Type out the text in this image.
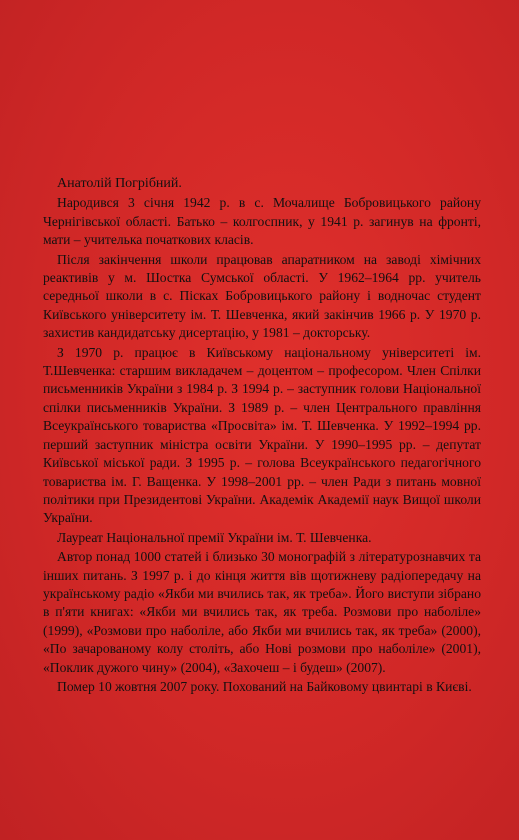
Анатолій Погрібний.

Народився 3 січня 1942 р. в с. Мочалище Бобровицького району Чернігівської області. Батько – колгоспник, у 1941 р. загинув на фронті, мати – учителька початкових класів.

Після закінчення школи працював апаратником на заводі хімічних реактивів у м. Шостка Сумської області. У 1962–1964 рр. учитель середньої школи в с. Пісках Бобровицького району і водночас студент Київського університету ім. Т. Шевченка, який закінчив 1966 р. У 1970 р. захистив кандидатську дисертацію, у 1981 – докторську.

З 1970 р. працює в Київському національному університеті ім. Т.Шевченка: старшим викладачем – доцентом – професором. Член Спілки письменників України з 1984 р. З 1994 р. – заступник голови Національної спілки письменників України. З 1989 р. – член Центрального правління Всеукраїнського товариства «Просвіта» ім. Т. Шевченка. У 1992–1994 рр. перший заступник міністра освіти України. У 1990–1995 рр. – депутат Київської міської ради. З 1995 р. – голова Всеукраїнського педагогічного товариства ім. Г. Ващенка. У 1998–2001 рр. – член Ради з питань мовної політики при Президентові України. Академік Академії наук Вищої школи України.

Лауреат Національної премії України ім. Т. Шевченка.

Автор понад 1000 статей і близько 30 монографій з літературознавчих та інших питань. З 1997 р. і до кінця життя вів щотижневу радіопередачу на українському радіо «Якби ми вчились так, як треба». Його виступи зібрано в п'яти книгах: «Якби ми вчились так, як треба. Розмови про наболіле» (1999), «Розмови про наболіле, або Якби ми вчились так, як треба» (2000), «По зачарованому колу століть, або Нові розмови про наболіле» (2001), «Поклик дужого чину» (2004), «Захочеш – і будеш» (2007).

Помер 10 жовтня 2007 року. Похований на Байковому цвинтарі в Києві.
